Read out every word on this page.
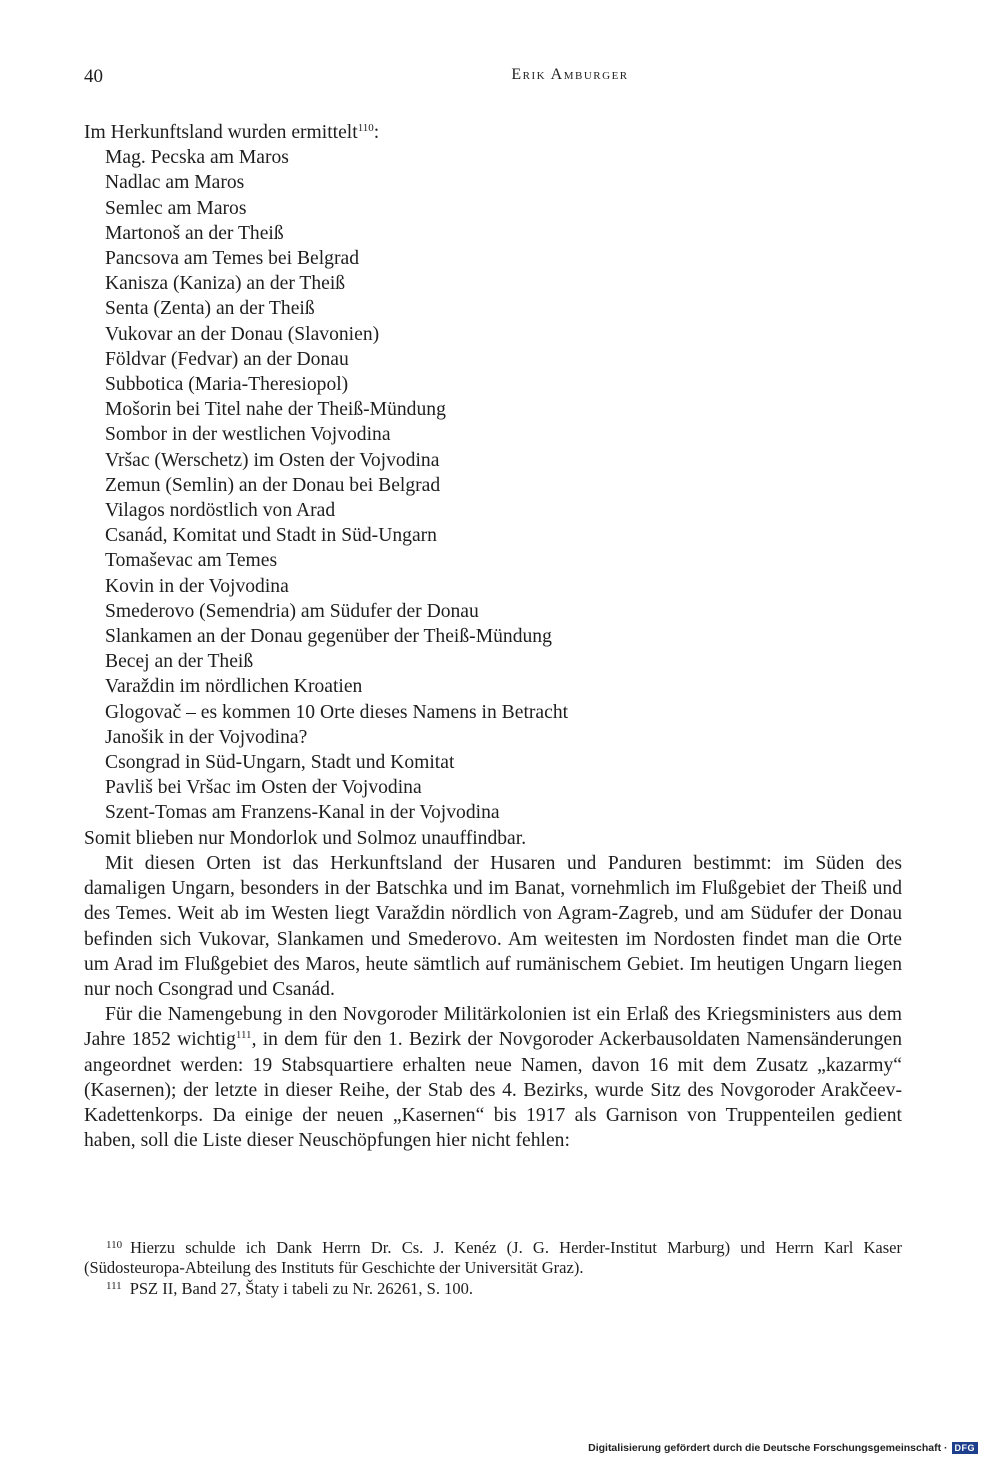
40	Erik Amburger

Im Herkunftsland wurden ermittelt$^{110}$:

Mag. Pecska am Maros
Nadlac am Maros
Semlec am Maros
Martonoš an der Theiß
Pancsova am Temes bei Belgrad
Kanisza (Kaniza) an der Theiß
Senta (Zenta) an der Theiß
Vukovar an der Donau (Slavonien)
Földvar (Fedvar) an der Donau
Subbotica (Maria-Theresiopol)
Mošorin bei Titel nahe der Theiß-Mündung
Sombor in der westlichen Vojvodina
Vršac (Werschetz) im Osten der Vojvodina
Zemun (Semlin) an der Donau bei Belgrad
Vilagos nordöstlich von Arad
Csanád, Komitat und Stadt in Süd-Ungarn
Tomaševac am Temes
Kovin in der Vojvodina
Smederovo (Semendria) am Südufer der Donau
Slankamen an der Donau gegenüber der Theiß-Mündung
Becej an der Theiß
Varaždin im nördlichen Kroatien
Glogovač – es kommen 10 Orte dieses Namens in Betracht
Janošik in der Vojvodina?
Csongrad in Süd-Ungarn, Stadt und Komitat
Pavliš bei Vršac im Osten der Vojvodina
Szent-Tomas am Franzens-Kanal in der Vojvodina

Somit blieben nur Mondorlok und Solmoz unauffindbar.

Mit diesen Orten ist das Herkunftsland der Husaren und Panduren bestimmt: im Süden des damaligen Ungarn, besonders in der Batschka und im Banat, vornehmlich im Flußgebiet der Theiß und des Temes. Weit ab im Westen liegt Varaždin nördlich von Agram-Zagreb, und am Südufer der Donau befinden sich Vukovar, Slankamen und Smederovo. Am weitesten im Nordosten findet man die Orte um Arad im Flußgebiet des Maros, heute sämtlich auf rumänischem Gebiet. Im heutigen Ungarn liegen nur noch Csongrad und Csanád.

Für die Namengebung in den Novgoroder Militärkolonien ist ein Erlaß des Kriegsministers aus dem Jahre 1852 wichtig$^{111}$, in dem für den 1. Bezirk der Novgoroder Ackerbausoldaten Namensänderungen angeordnet werden: 19 Stabsquartiere erhalten neue Namen, davon 16 mit dem Zusatz „kazarmy“ (Kasernen); der letzte in dieser Reihe, der Stab des 4. Bezirks, wurde Sitz des Novgoroder Arakčeev-Kadettenkorps. Da einige der neuen „Kasernen“ bis 1917 als Garnison von Truppenteilen gedient haben, soll die Liste dieser Neuschöpfungen hier nicht fehlen:

$^{110}$ Hierzu schulde ich Dank Herrn Dr. Cs. J. Kenéz (J. G. Herder-Institut Marburg) und Herrn Karl Kaser (Südosteuropa-Abteilung des Instituts für Geschichte der Universität Graz).

$^{111}$ PSZ II, Band 27, Štaty i tabeli zu Nr. 26261, S. 100.

Digitalisierung gefördert durch die Deutsche Forschungsgemeinschaft · DFG
